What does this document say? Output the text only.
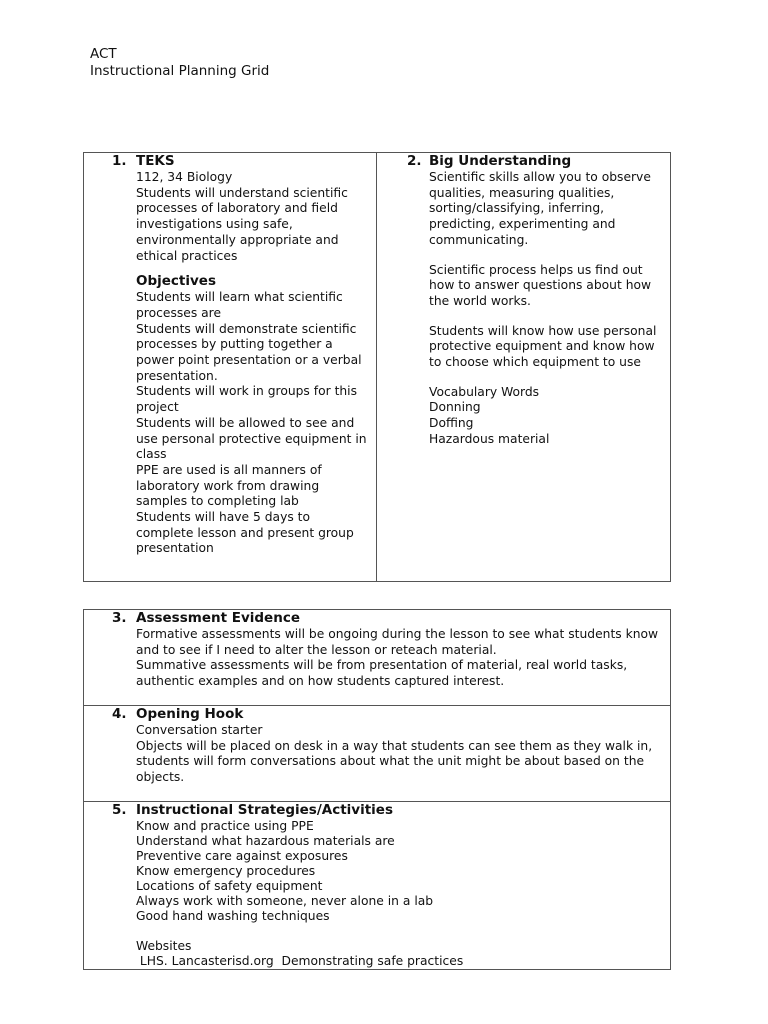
ACT
Instructional Planning Grid
1. TEKS
112, 34 Biology
Students will understand scientific processes of laboratory and field investigations using safe, environmentally appropriate and ethical practices
Objectives
Students will learn what scientific processes are
Students will demonstrate scientific processes by putting together a power point presentation or a verbal presentation.
Students will work in groups for this project
Students will be allowed to see and use personal protective equipment in class
PPE are used is all manners of laboratory work from drawing samples to completing lab
Students will have 5 days to complete lesson and present group presentation
2. Big Understanding
Scientific skills allow you to observe qualities, measuring qualities, sorting/classifying, inferring, predicting, experimenting and communicating.
Scientific process helps us find out how to answer questions about how the world works.
Students will know how use personal protective equipment and know how to choose which equipment to use
Vocabulary Words
Donning
Doffing
Hazardous material
3. Assessment Evidence
Formative assessments will be ongoing during the lesson to see what students know and to see if I need to alter the lesson or reteach material.
Summative assessments will be from presentation of material, real world tasks, authentic examples and on how students captured interest.
4. Opening Hook
Conversation starter
Objects will be placed on desk in a way that students can see them as they walk in, students will form conversations about what the unit might be about based on the objects.
5. Instructional Strategies/Activities
Know and practice using PPE
Understand what hazardous materials are
Preventive care against exposures
Know emergency procedures
Locations of safety equipment
Always work with someone, never alone in a lab
Good hand washing techniques
Websites
LHS. Lancasterisd.org  Demonstrating safe practices
